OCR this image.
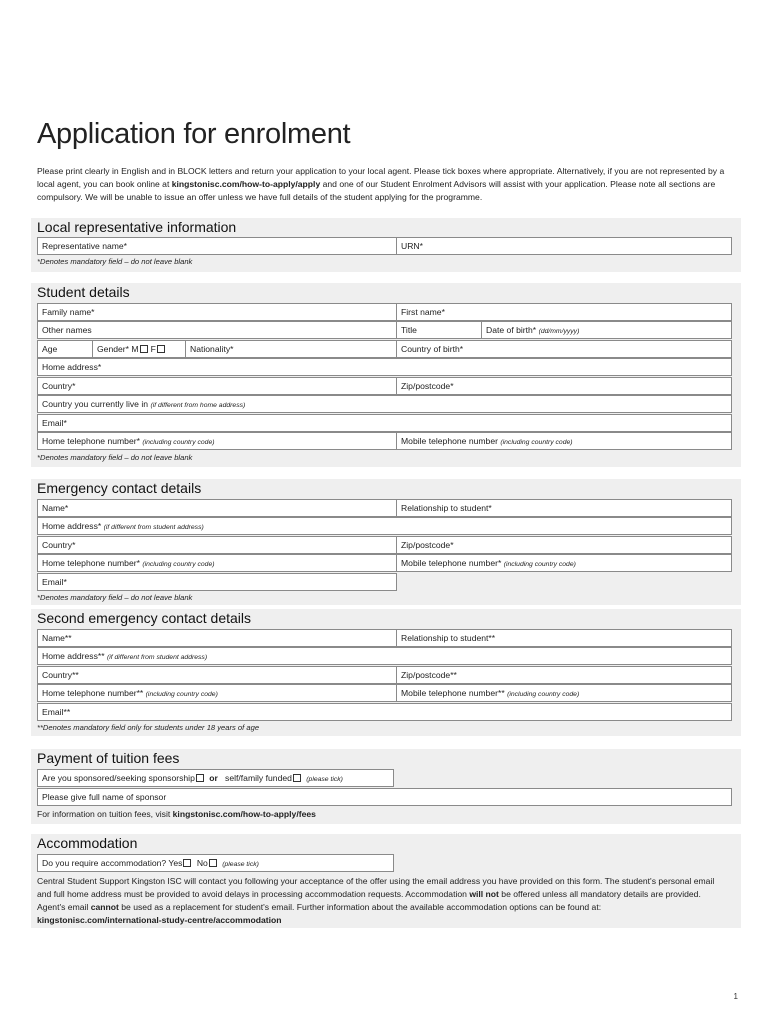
Application for enrolment

Please print clearly in English and in BLOCK letters and return your application to your local agent. Please tick boxes where appropriate. Alternatively, if you are not represented by a local agent, you can book online at kingstonisc.com/how-to-apply/apply and one of our Student Enrolment Advisors will assist with your application. Please note all sections are compulsory. We will be unable to issue an offer unless we have full details of the student applying for the programme.

Local representative information
Representative name*	URN*
*Denotes mandatory field – do not leave blank
Student details
Family name*	First name*
Other names	Title	Date of birth* (dd/mm/yyyy)
Age	Gender* M F	Nationality*	Country of birth*
Home address*
Country*	Zip/postcode*
Country you currently live in (if different from home address)
Email*
Home telephone number* (including country code)	Mobile telephone number (including country code)
*Denotes mandatory field – do not leave blank
Emergency contact details
Name*	Relationship to student*
Home address* (if different from student address)
Country*	Zip/postcode*
Home telephone number* (including country code)	Mobile telephone number* (including country code)
Email*
*Denotes mandatory field – do not leave blank
Second emergency contact details
Name**	Relationship to student**
Home address** (if different from student address)
Country**	Zip/postcode**
Home telephone number** (including country code)	Mobile telephone number** (including country code)
Email**
**Denotes mandatory field only for students under 18 years of age
Payment of tuition fees
Are you sponsored/seeking sponsorship or self/family funded (please tick)
Please give full name of sponsor
For information on tuition fees, visit kingstonisc.com/how-to-apply/fees
Accommodation
Do you require accommodation? Yes No (please tick)

Central Student Support Kingston ISC will contact you following your acceptance of the offer using the email address you have provided on this form. The student's personal email and full home address must be provided to avoid delays in processing accommodation requests. Accommodation will not be offered unless all mandatory details are provided. Agent's email cannot be used as a replacement for student's email. Further information about the available accommodation options can be found at: kingstonisc.com/international-study-centre/accommodation

1
